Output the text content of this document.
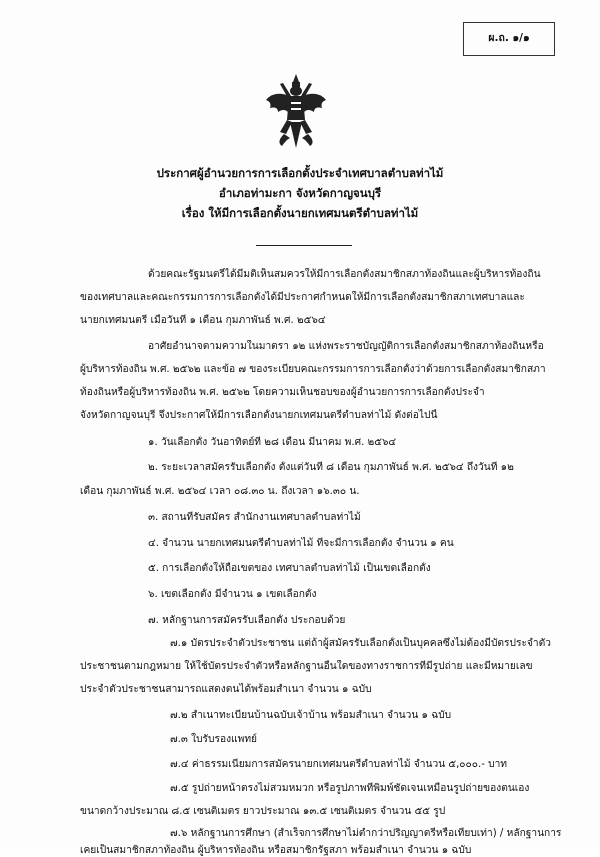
ผ.ถ. ๑/๑
ประกาศผู้อำนวยการการเลือกตั้งประจำเทศบาลตำบลท่าไม้
อำเภอท่ามะกา จังหวัดกาญจนบุรี
เรื่อง ให้มีการเลือกตั้งนายกเทศมนตรีตำบลท่าไม้
ด้วยคณะรัฐมนตรีได้มีมติเห็นสมควรให้มีการเลือกตั้งสมาชิกสภาท้องถิ่นและผู้บริหารท้องถิ่น
ของเทศบาลและคณะกรรมการการเลือกตั้งได้มีประกาศกำหนดให้มีการเลือกตั้งสมาชิกสภาเทศบาลและ
นายกเทศมนตรี เมื่อวันที่ ๑ เดือน กุมภาพันธ์ พ.ศ. ๒๕๖๔
อาศัยอำนาจตามความในมาตรา ๑๒ แห่งพระราชบัญญัติการเลือกตั้งสมาชิกสภาท้องถิ่นหรือ
ผู้บริหารท้องถิ่น พ.ศ. ๒๕๖๒ และข้อ ๗ ของระเบียบคณะกรรมการการเลือกตั้งว่าด้วยการเลือกตั้งสมาชิกสภา
ท้องถิ่นหรือผู้บริหารท้องถิ่น พ.ศ. ๒๕๖๒ โดยความเห็นชอบของผู้อำนวยการการเลือกตั้งประจำ
จังหวัดกาญจนบุรี จึงประกาศให้มีการเลือกตั้งนายกเทศมนตรีตำบลท่าไม้ ดังต่อไปนี้
๑. วันเลือกตั้ง วันอาทิตย์ที่ ๒๘ เดือน มีนาคม พ.ศ. ๒๕๖๔
๒. ระยะเวลาสมัครรับเลือกตั้ง ตั้งแต่วันที่ ๘ เดือน กุมภาพันธ์ พ.ศ. ๒๕๖๔ ถึงวันที่ ๑๒
เดือน กุมภาพันธ์ พ.ศ. ๒๕๖๔ เวลา ๐๘.๓๐ น. ถึงเวลา ๑๖.๓๐ น.
๓. สถานที่รับสมัคร สำนักงานเทศบาลตำบลท่าไม้
๔. จำนวน นายกเทศมนตรีตำบลท่าไม้ ที่จะมีการเลือกตั้ง จำนวน ๑ คน
๕. การเลือกตั้งให้ถือเขตของ เทศบาลตำบลท่าไม้ เป็นเขตเลือกตั้ง
๖. เขตเลือกตั้ง มีจำนวน ๑ เขตเลือกตั้ง
๗. หลักฐานการสมัครรับเลือกตั้ง ประกอบด้วย
๗.๑ บัตรประจำตัวประชาชน แต่ถ้าผู้สมัครรับเลือกตั้งเป็นบุคคลซึ่งไม่ต้องมีบัตรประจำตัว
ประชาชนตามกฎหมาย ให้ใช้บัตรประจำตัวหรือหลักฐานอื่นใดของทางราชการที่มีรูปถ่าย และมีหมายเลข
ประจำตัวประชาชนสามารถแสดงตนได้พร้อมสำเนา จำนวน ๑ ฉบับ
๗.๒ สำเนาทะเบียนบ้านฉบับเจ้าบ้าน พร้อมสำเนา จำนวน ๑ ฉบับ
๗.๓ ใบรับรองแพทย์
๗.๔ ค่าธรรมเนียมการสมัครนายกเทศมนตรีตำบลท่าไม้ จำนวน ๕,๐๐๐.- บาท
๗.๕ รูปถ่ายหน้าตรงไม่สวมหมวก หรือรูปภาพที่พิมพ์ชัดเจนเหมือนรูปถ่ายของตนเอง
ขนาดกว้างประมาณ ๘.๕ เซนติเมตร ยาวประมาณ ๑๓.๕ เซนติเมตร จำนวน ๕๕ รูป
๗.๖ หลักฐานการศึกษา (สำเร็จการศึกษาไม่ต่ำกว่าปริญญาตรีหรือเทียบเท่า) / หลักฐานการ
เคยเป็นสมาชิกสภาท้องถิ่น ผู้บริหารท้องถิ่น หรือสมาชิกรัฐสภา พร้อมสำเนา จำนวน ๑ ฉบับ
